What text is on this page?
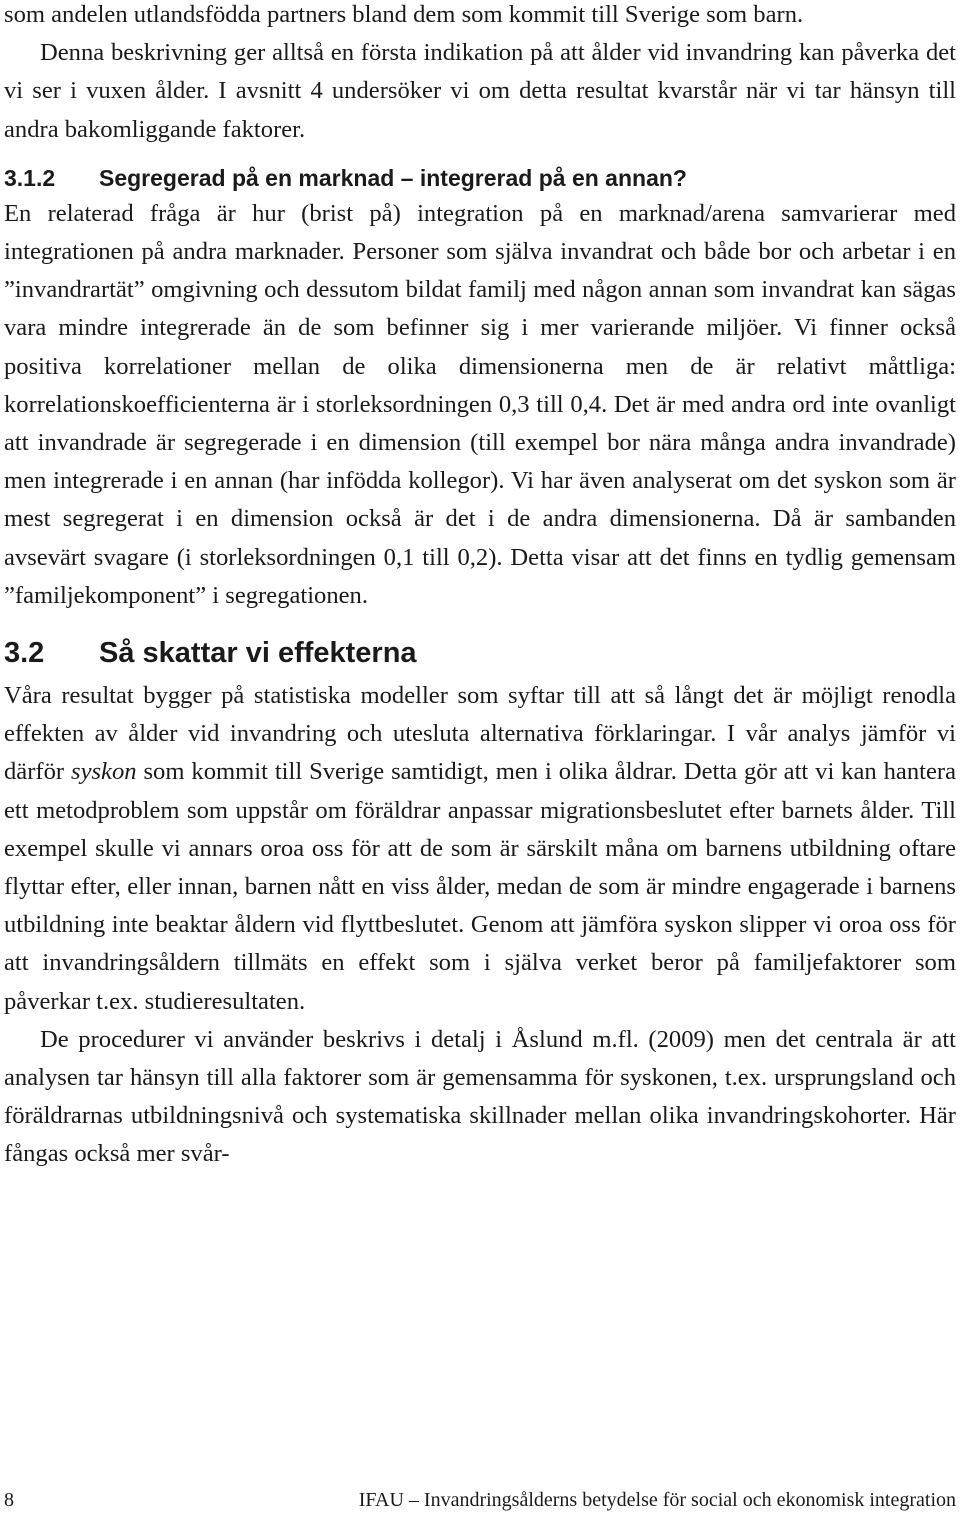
som andelen utlandsfödda partners bland dem som kommit till Sverige som barn.

Denna beskrivning ger alltså en första indikation på att ålder vid invandring kan påverka det vi ser i vuxen ålder. I avsnitt 4 undersöker vi om detta resultat kvarstår när vi tar hänsyn till andra bakomliggande faktorer.

3.1.2 Segregerad på en marknad – integrerad på en annan?

En relaterad fråga är hur (brist på) integration på en marknad/arena samvarierar med integrationen på andra marknader. Personer som själva invandrat och både bor och arbetar i en ”invandrartät” omgivning och dessutom bildat familj med någon annan som invandrat kan sägas vara mindre integrerade än de som befinner sig i mer varierande miljöer. Vi finner också positiva korrelationer mellan de olika dimensionerna men de är relativt måttliga: korrelationskoefficienterna är i storleksordningen 0,3 till 0,4. Det är med andra ord inte ovanligt att invandrade är segregerade i en dimension (till exempel bor nära många andra invandrade) men integrerade i en annan (har infödda kollegor). Vi har även analyserat om det syskon som är mest segregerat i en dimension också är det i de andra dimensionerna. Då är sambanden avsevärt svagare (i storleksordningen 0,1 till 0,2). Detta visar att det finns en tydlig gemensam ”familjekomponent” i segregationen.

3.2 Så skattar vi effekterna

Våra resultat bygger på statistiska modeller som syftar till att så långt det är möjligt renodla effekten av ålder vid invandring och utesluta alternativa förklaringar. I vår analys jämför vi därför syskon som kommit till Sverige samtidigt, men i olika åldrar. Detta gör att vi kan hantera ett metodproblem som uppstår om föräldrar anpassar migrationsbeslutet efter barnets ålder. Till exempel skulle vi annars oroa oss för att de som är särskilt måna om barnens utbildning oftare flyttar efter, eller innan, barnen nått en viss ålder, medan de som är mindre engagerade i barnens utbildning inte beaktar åldern vid flyttbeslutet. Genom att jämföra syskon slipper vi oroa oss för att invandringsåldern tillmäts en effekt som i själva verket beror på familjefaktorer som påverkar t.ex. studieresultaten.

De procedurer vi använder beskrivs i detalj i Åslund m.fl. (2009) men det centrala är att analysen tar hänsyn till alla faktorer som är gemensamma för syskonen, t.ex. ursprungsland och föräldrarnas utbildningsnivå och systematiska skillnader mellan olika invandringskohorter. Här fångas också mer svår-

8	IFAU – Invandringsålderns betydelse för social och ekonomisk integration
